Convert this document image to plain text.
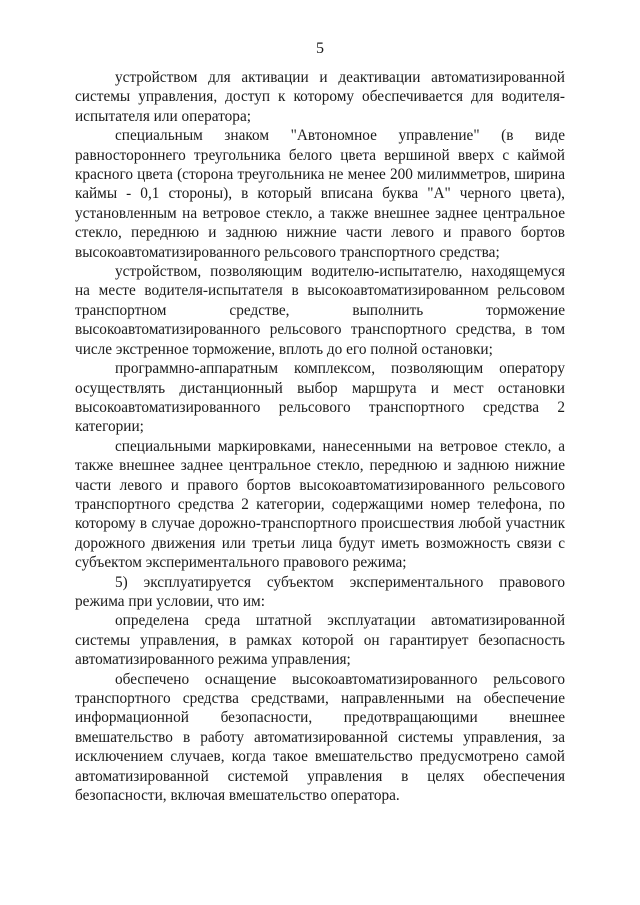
5

устройством для активации и деактивации автоматизированной системы управления, доступ к которому обеспечивается для водителя-испытателя или оператора;

специальным знаком "Автономное управление" (в виде равностороннего треугольника белого цвета вершиной вверх с каймой красного цвета (сторона треугольника не менее 200 милимметров, ширина каймы - 0,1 стороны), в который вписана буква "А" черного цвета), установленным на ветровое стекло, а также внешнее заднее центральное стекло, переднюю и заднюю нижние части левого и правого бортов высокоавтоматизированного рельсового транспортного средства;

устройством, позволяющим водителю-испытателю, находящемуся на месте водителя-испытателя в высокоавтоматизированном рельсовом транспортном средстве, выполнить торможение высокоавтоматизированного рельсового транспортного средства, в том числе экстренное торможение, вплоть до его полной остановки;

программно-аппаратным комплексом, позволяющим оператору осуществлять дистанционный выбор маршрута и мест остановки высокоавтоматизированного рельсового транспортного средства 2 категории;

специальными маркировками, нанесенными на ветровое стекло, а также внешнее заднее центральное стекло, переднюю и заднюю нижние части левого и правого бортов высокоавтоматизированного рельсового транспортного средства 2 категории, содержащими номер телефона, по которому в случае дорожно-транспортного происшествия любой участник дорожного движения или третьи лица будут иметь возможность связи с субъектом экспериментального правового режима;

5) эксплуатируется субъектом экспериментального правового режима при условии, что им:

определена среда штатной эксплуатации автоматизированной системы управления, в рамках которой он гарантирует безопасность автоматизированного режима управления;

обеспечено оснащение высокоавтоматизированного рельсового транспортного средства средствами, направленными на обеспечение информационной безопасности, предотвращающими внешнее вмешательство в работу автоматизированной системы управления, за исключением случаев, когда такое вмешательство предусмотрено самой автоматизированной системой управления в целях обеспечения безопасности, включая вмешательство оператора.
